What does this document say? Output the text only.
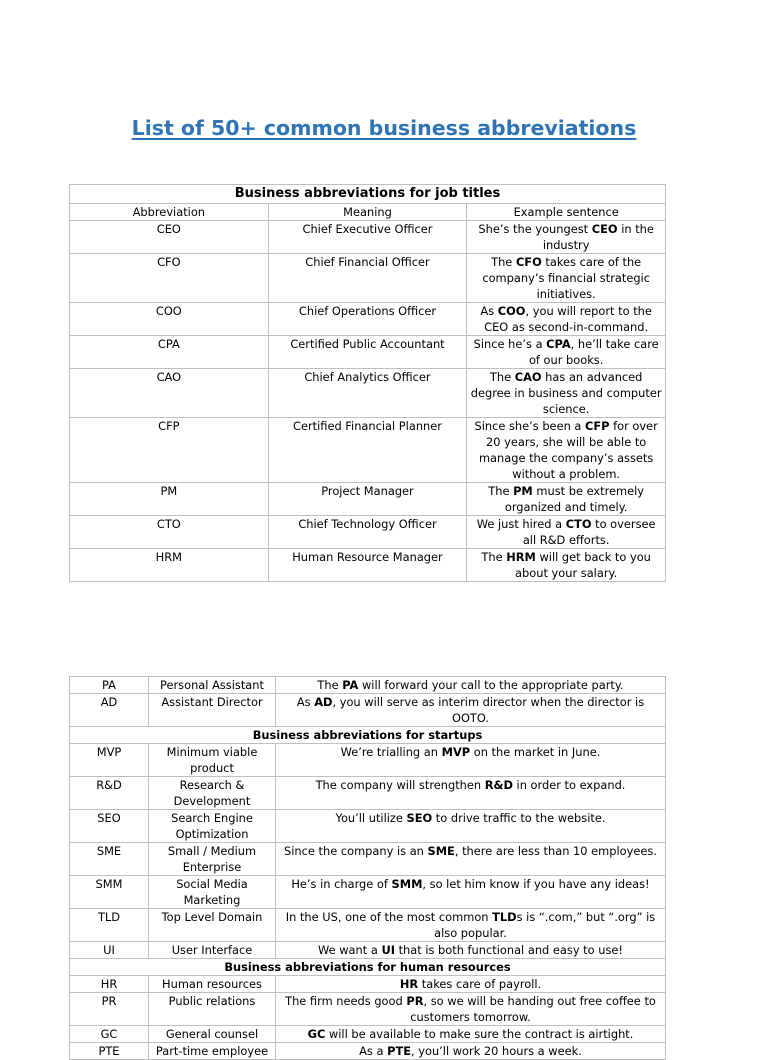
List of 50+ common business abbreviations
Business abbreviations for job titles		
Abbreviation	Meaning	Example sentence
CEO	Chief Executive Officer	She’s the youngest CEO in the industry
CFO	Chief Financial Officer	The CFO takes care of the company’s financial strategic initiatives.
COO	Chief Operations Officer	As COO, you will report to the CEO as second-in-command.
CPA	Certified Public Accountant	Since he’s a CPA, he’ll take care of our books.
CAO	Chief Analytics Officer	The CAO has an advanced degree in business and computer science.
CFP	Certified Financial Planner	Since she’s been a CFP for over 20 years, she will be able to manage the company’s assets without a problem.
PM	Project Manager	The PM must be extremely organized and timely.
CTO	Chief Technology Officer	We just hired a CTO to oversee all R&D efforts.
HRM	Human Resource Manager	The HRM will get back to you about your salary.
PA	Personal Assistant	The PA will forward your call to the appropriate party.
AD	Assistant Director	As AD, you will serve as interim director when the director is OOTO.
Business abbreviations for startups		
MVP	Minimum viable product	We’re trialling an MVP on the market in June.
R&D	Research & Development	The company will strengthen R&D in order to expand.
SEO	Search Engine Optimization	You’ll utilize SEO to drive traffic to the website.
SME	Small / Medium Enterprise	Since the company is an SME, there are less than 10 employees.
SMM	Social Media Marketing	He’s in charge of SMM, so let him know if you have any ideas!
TLD	Top Level Domain	In the US, one of the most common TLDs is “.com,” but “.org” is also popular.
UI	User Interface	We want a UI that is both functional and easy to use!
Business abbreviations for human resources		
HR	Human resources	HR takes care of payroll.
PR	Public relations	The firm needs good PR, so we will be handing out free coffee to customers tomorrow.
GC	General counsel	GC will be available to make sure the contract is airtight.
PTE	Part-time employee	As a PTE, you’ll work 20 hours a week.
